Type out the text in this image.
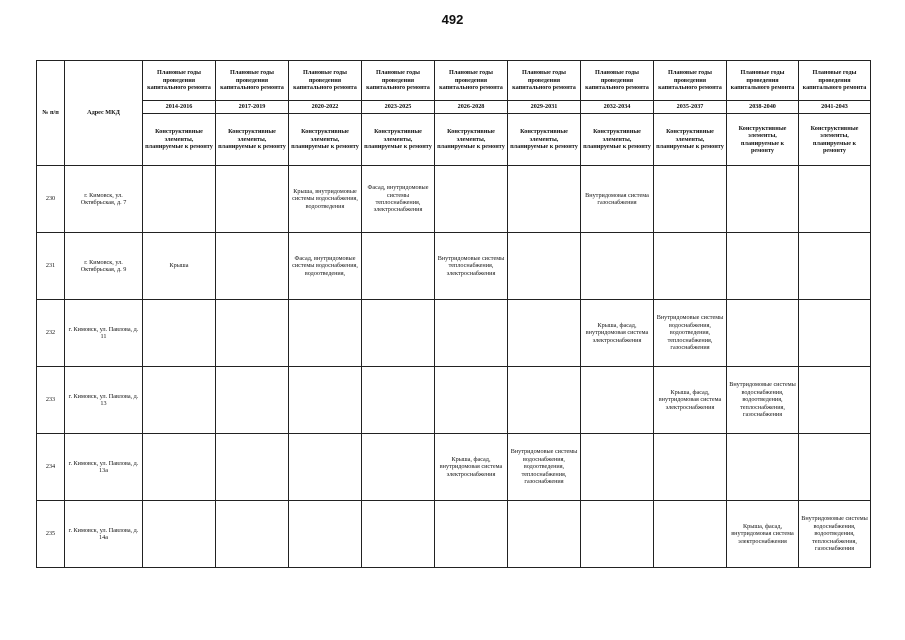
492
№ п/п	Адрес МКД	Плановые годы проведения капитального ремонта	Плановые годы проведения капитального ремонта	Плановые годы проведения капитального ремонта	Плановые годы проведения капитального ремонта	Плановые годы проведения капитального ремонта	Плановые годы проведения капитального ремонта	Плановые годы проведения капитального ремонта	Плановые годы проведения капитального ремонта	Плановые годы проведения капитального ремонта	Плановые годы проведения капитального ремонта
		2014-2016	2017-2019	2020-2022	2023-2025	2026-2028	2029-2031	2032-2034	2035-2037	2038-2040	2041-2043
		Конструктивные элементы, планируемые к ремонту	Конструктивные элементы, планируемые к ремонту	Конструктивные элементы, планируемые к ремонту	Конструктивные элементы, планируемые к ремонту	Конструктивные элементы, планируемые к ремонту	Конструктивные элементы, планируемые к ремонту	Конструктивные элементы, планируемые к ремонту	Конструктивные элементы, планируемые к ремонту	Конструктивные элементы, планируемые к ремонту	Конструктивные элементы, планируемые к ремонту
230	г. Кимовск, ул. Октябрьская, д. 7			Крыша, внутридомовые системы водоснабжения, водоотведения	Фасад, внутридомовые системы теплоснабжения, электроснабжения			Внутридомовая система газоснабжения			
231	г. Кимовск, ул. Октябрьская, д. 9	Крыша		Фасад, внутридомовые системы водоснабжения, водоотведения,		Внутридомовые системы теплоснабжения, электроснабжения					
232	г. Кимовск, ул. Павлова, д. 11							Крыша, фасад, внутридомовая система электроснабжения	Внутридомовые системы водоснабжения, водоотведения, теплоснабжения, газоснабжения		
233	г. Кимовск, ул. Павлова, д. 13								Крыша, фасад, внутридомовая система электроснабжения	Внутридомовые системы водоснабжения, водоотведения, теплоснабжения, газоснабжения	
234	г. Кимовск, ул. Павлова, д. 13а					Крыша, фасад, внутридомовая система электроснабжения	Внутридомовые системы водоснабжения, водоотведения, теплоснабжения, газоснабжения				
235	г. Кимовск, ул. Павлова, д. 14а									Крыша, фасад, внутридомовая система электроснабжения	Внутридомовые системы водоснабжения, водоотведения, теплоснабжения, газоснабжения
